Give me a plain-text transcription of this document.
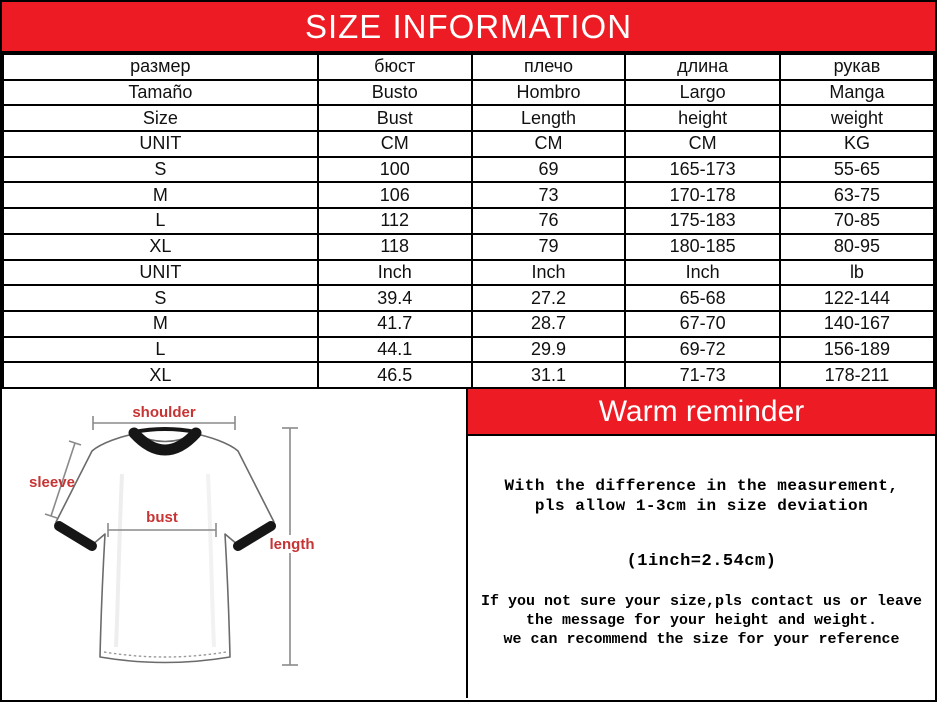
SIZE INFORMATION
размер	бюст	плечо	длина	рукав
Tamaño	Busto	Hombro	Largo	Manga
Size	Bust	Length	height	weight
UNIT	CM	CM	CM	KG
S	100	69	165-173	55-65
M	106	73	170-178	63-75
L	112	76	175-183	70-85
XL	118	79	180-185	80-95
UNIT	Inch	Inch	Inch	lb
S	39.4	27.2	65-68	122-144
M	41.7	28.7	67-70	140-167
L	44.1	29.9	69-72	156-189
XL	46.5	31.1	71-73	178-211
shoulder
sleeve
bust
length
Warm reminder

With the difference in the measurement,
pls allow 1-3cm in size deviation

(1inch=2.54cm)

If you not sure your size,pls contact us or leave
the message for your height and weight.
we can recommend the size for your reference
